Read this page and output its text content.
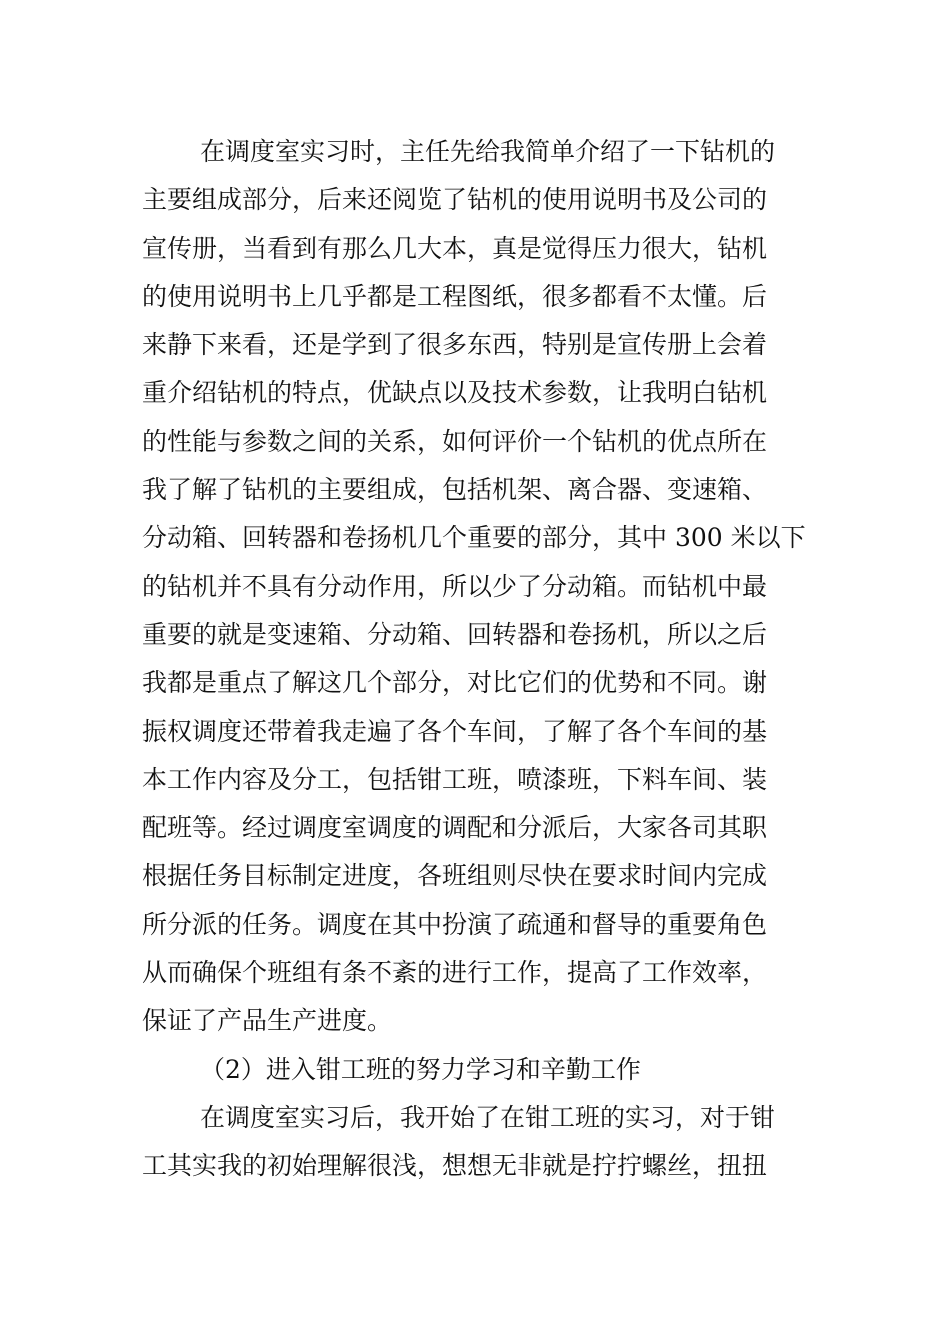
在调度室实习时，主任先给我简单介绍了一下钻机的
主要组成部分，后来还阅览了钻机的使用说明书及公司的
宣传册，当看到有那么几大本，真是觉得压力很大，钻机
的使用说明书上几乎都是工程图纸，很多都看不太懂。后
来静下来看，还是学到了很多东西，特别是宣传册上会着
重介绍钻机的特点，优缺点以及技术参数，让我明白钻机
的性能与参数之间的关系，如何评价一个钻机的优点所在
我了解了钻机的主要组成，包括机架、离合器、变速箱、
分动箱、回转器和卷扬机几个重要的部分，其中 300 米以下
的钻机并不具有分动作用，所以少了分动箱。而钻机中最
重要的就是变速箱、分动箱、回转器和卷扬机，所以之后
我都是重点了解这几个部分，对比它们的优势和不同。谢
振权调度还带着我走遍了各个车间，了解了各个车间的基
本工作内容及分工，包括钳工班，喷漆班，下料车间、装
配班等。经过调度室调度的调配和分派后，大家各司其职
根据任务目标制定进度，各班组则尽快在要求时间内完成
所分派的任务。调度在其中扮演了疏通和督导的重要角色
从而确保个班组有条不紊的进行工作，提高了工作效率，
保证了产品生产进度。
（2）进入钳工班的努力学习和辛勤工作
在调度室实习后，我开始了在钳工班的实习，对于钳
工其实我的初始理解很浅，想想无非就是拧拧螺丝，扭扭
